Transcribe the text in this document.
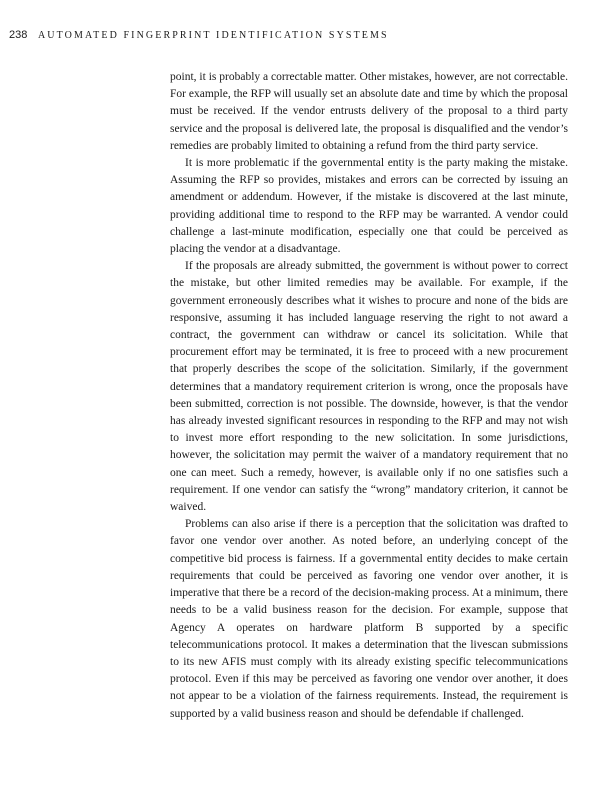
238 AUTOMATED FINGERPRINT IDENTIFICATION SYSTEMS

point, it is probably a correctable matter. Other mistakes, however, are not correctable. For example, the RFP will usually set an absolute date and time by which the proposal must be received. If the vendor entrusts delivery of the proposal to a third party service and the proposal is delivered late, the proposal is disqualified and the vendor’s remedies are probably limited to obtaining a refund from the third party service.

It is more problematic if the governmental entity is the party making the mistake. Assuming the RFP so provides, mistakes and errors can be corrected by issuing an amendment or addendum. However, if the mistake is discovered at the last minute, providing additional time to respond to the RFP may be warranted. A vendor could challenge a last-minute modification, especially one that could be perceived as placing the vendor at a disadvantage.

If the proposals are already submitted, the government is without power to correct the mistake, but other limited remedies may be available. For example, if the government erroneously describes what it wishes to procure and none of the bids are responsive, assuming it has included language reserving the right to not award a contract, the government can withdraw or cancel its solicitation. While that procurement effort may be terminated, it is free to proceed with a new procurement that properly describes the scope of the solicitation. Similarly, if the government determines that a mandatory requirement criterion is wrong, once the proposals have been submitted, correction is not possible. The downside, however, is that the vendor has already invested significant resources in responding to the RFP and may not wish to invest more effort responding to the new solicitation. In some jurisdictions, however, the solicitation may permit the waiver of a mandatory requirement that no one can meet. Such a remedy, however, is available only if no one satisfies such a requirement. If one vendor can satisfy the “wrong” mandatory criterion, it cannot be waived.

Problems can also arise if there is a perception that the solicitation was drafted to favor one vendor over another. As noted before, an underlying concept of the competitive bid process is fairness. If a governmental entity decides to make certain requirements that could be perceived as favoring one vendor over another, it is imperative that there be a record of the decision-making process. At a minimum, there needs to be a valid business reason for the decision. For example, suppose that Agency A operates on hardware platform B supported by a specific telecommunications protocol. It makes a determination that the livescan submissions to its new AFIS must comply with its already existing specific telecommunications protocol. Even if this may be perceived as favoring one vendor over another, it does not appear to be a violation of the fairness requirements. Instead, the requirement is supported by a valid business reason and should be defendable if challenged.
